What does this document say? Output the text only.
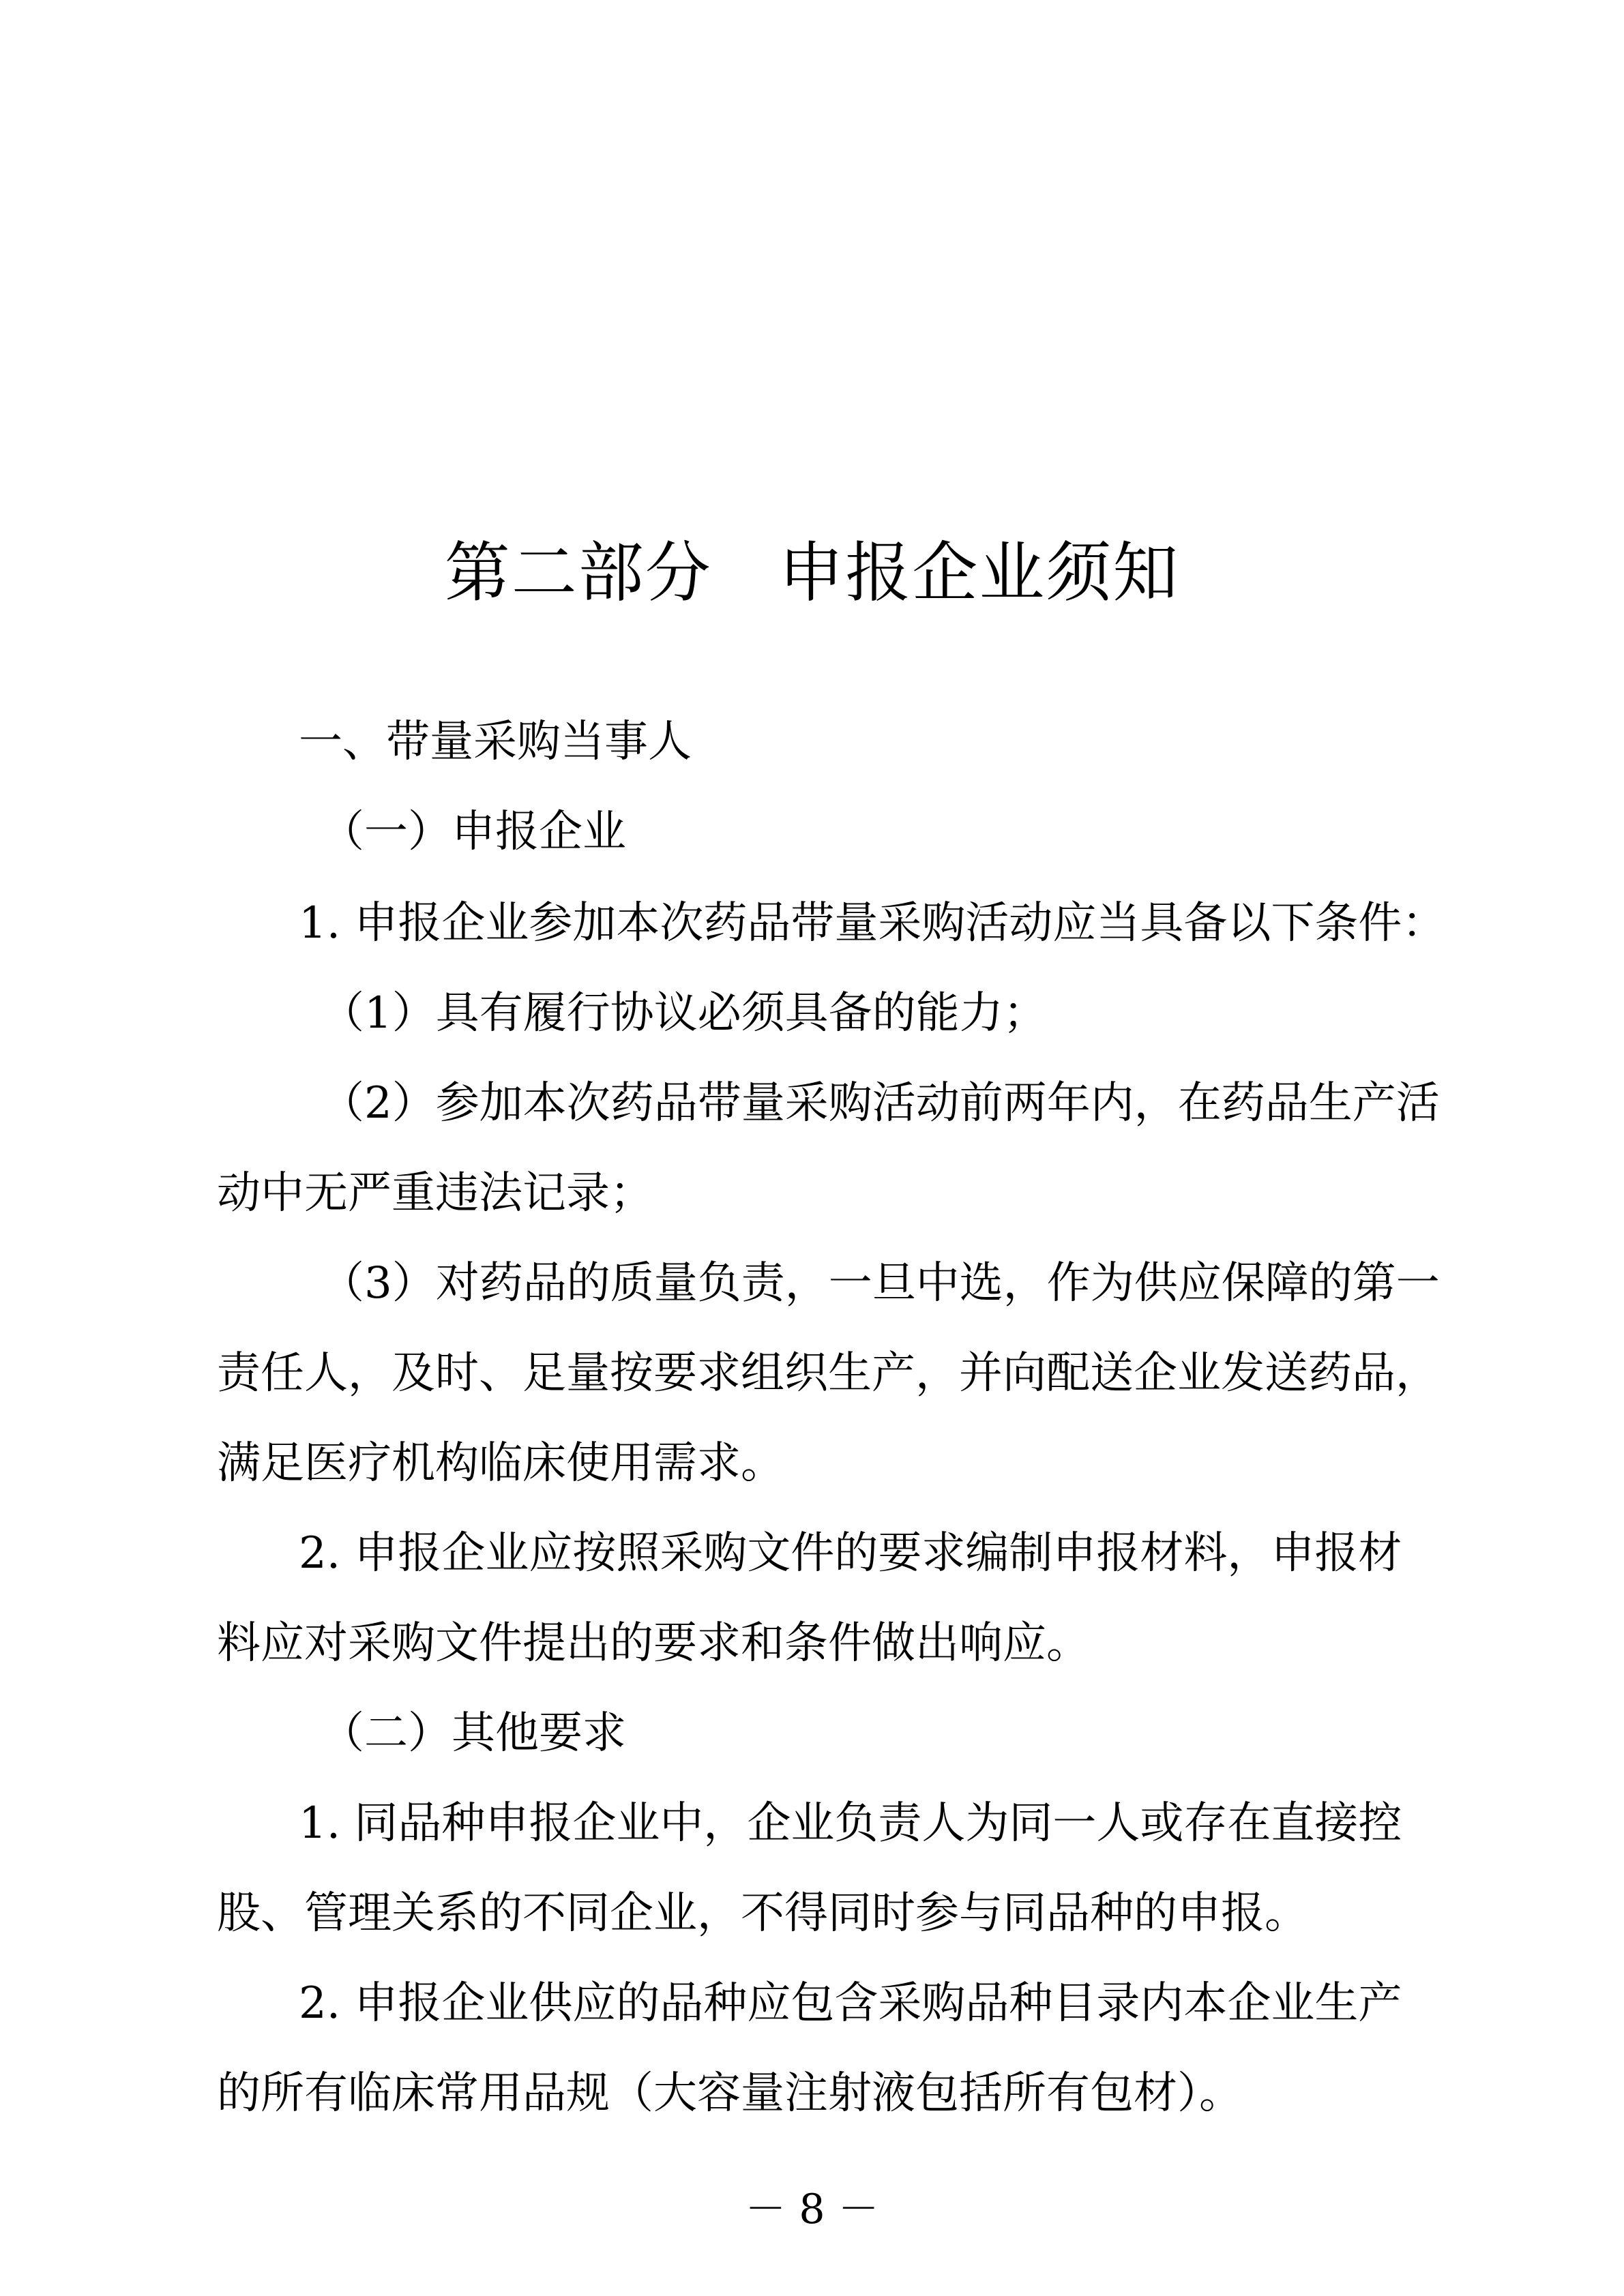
第二部分   申报企业须知
一、带量采购当事人
（一）申报企业
1. 申报企业参加本次药品带量采购活动应当具备以下条件：
（1）具有履行协议必须具备的能力；
（2）参加本次药品带量采购活动前两年内，在药品生产活
动中无严重违法记录；
（3）对药品的质量负责，一旦中选，作为供应保障的第一
责任人，及时、足量按要求组织生产，并向配送企业发送药品，
满足医疗机构临床使用需求。
2. 申报企业应按照采购文件的要求编制申报材料，申报材
料应对采购文件提出的要求和条件做出响应。
（二）其他要求
1. 同品种申报企业中，企业负责人为同一人或存在直接控
股、管理关系的不同企业，不得同时参与同品种的申报。
2. 申报企业供应的品种应包含采购品种目录内本企业生产
的所有临床常用品规（大容量注射液包括所有包材）。
－ 8 －
